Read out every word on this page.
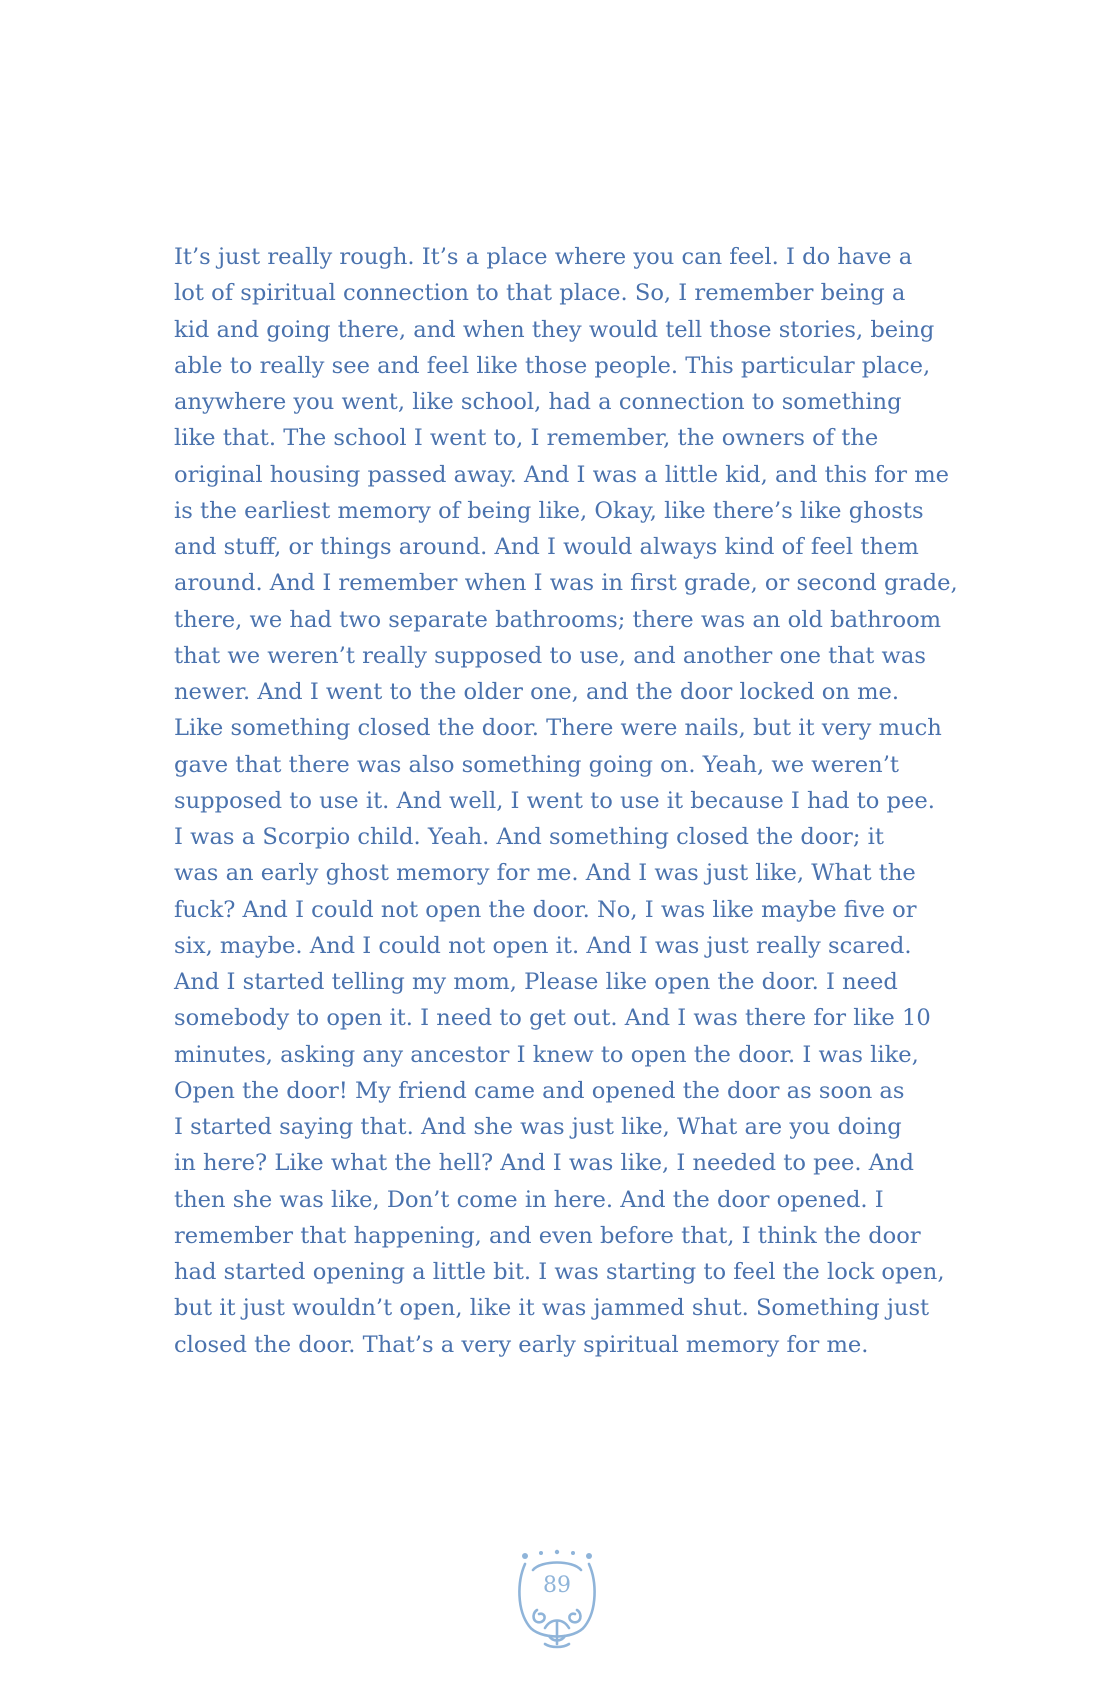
It’s just really rough. It’s a place where you can feel. I do have a
lot of spiritual connection to that place. So, I remember being a
kid and going there, and when they would tell those stories, being
able to really see and feel like those people. This particular place,
anywhere you went, like school, had a connection to something
like that. The school I went to, I remember, the owners of the
original housing passed away. And I was a little kid, and this for me
is the earliest memory of being like, Okay, like there’s like ghosts
and stuff, or things around. And I would always kind of feel them
around. And I remember when I was in first grade, or second grade,
there, we had two separate bathrooms; there was an old bathroom
that we weren’t really supposed to use, and another one that was
newer. And I went to the older one, and the door locked on me.
Like something closed the door. There were nails, but it very much
gave that there was also something going on. Yeah, we weren’t
supposed to use it. And well, I went to use it because I had to pee.
I was a Scorpio child. Yeah. And something closed the door; it
was an early ghost memory for me. And I was just like, What the
fuck? And I could not open the door. No, I was like maybe five or
six, maybe. And I could not open it. And I was just really scared.
And I started telling my mom, Please like open the door. I need
somebody to open it. I need to get out. And I was there for like 10
minutes, asking any ancestor I knew to open the door. I was like,
Open the door! My friend came and opened the door as soon as
I started saying that. And she was just like, What are you doing
in here? Like what the hell? And I was like, I needed to pee. And
then she was like, Don’t come in here. And the door opened. I
remember that happening, and even before that, I think the door
had started opening a little bit. I was starting to feel the lock open,
but it just wouldn’t open, like it was jammed shut. Something just
closed the door. That’s a very early spiritual memory for me.

89
